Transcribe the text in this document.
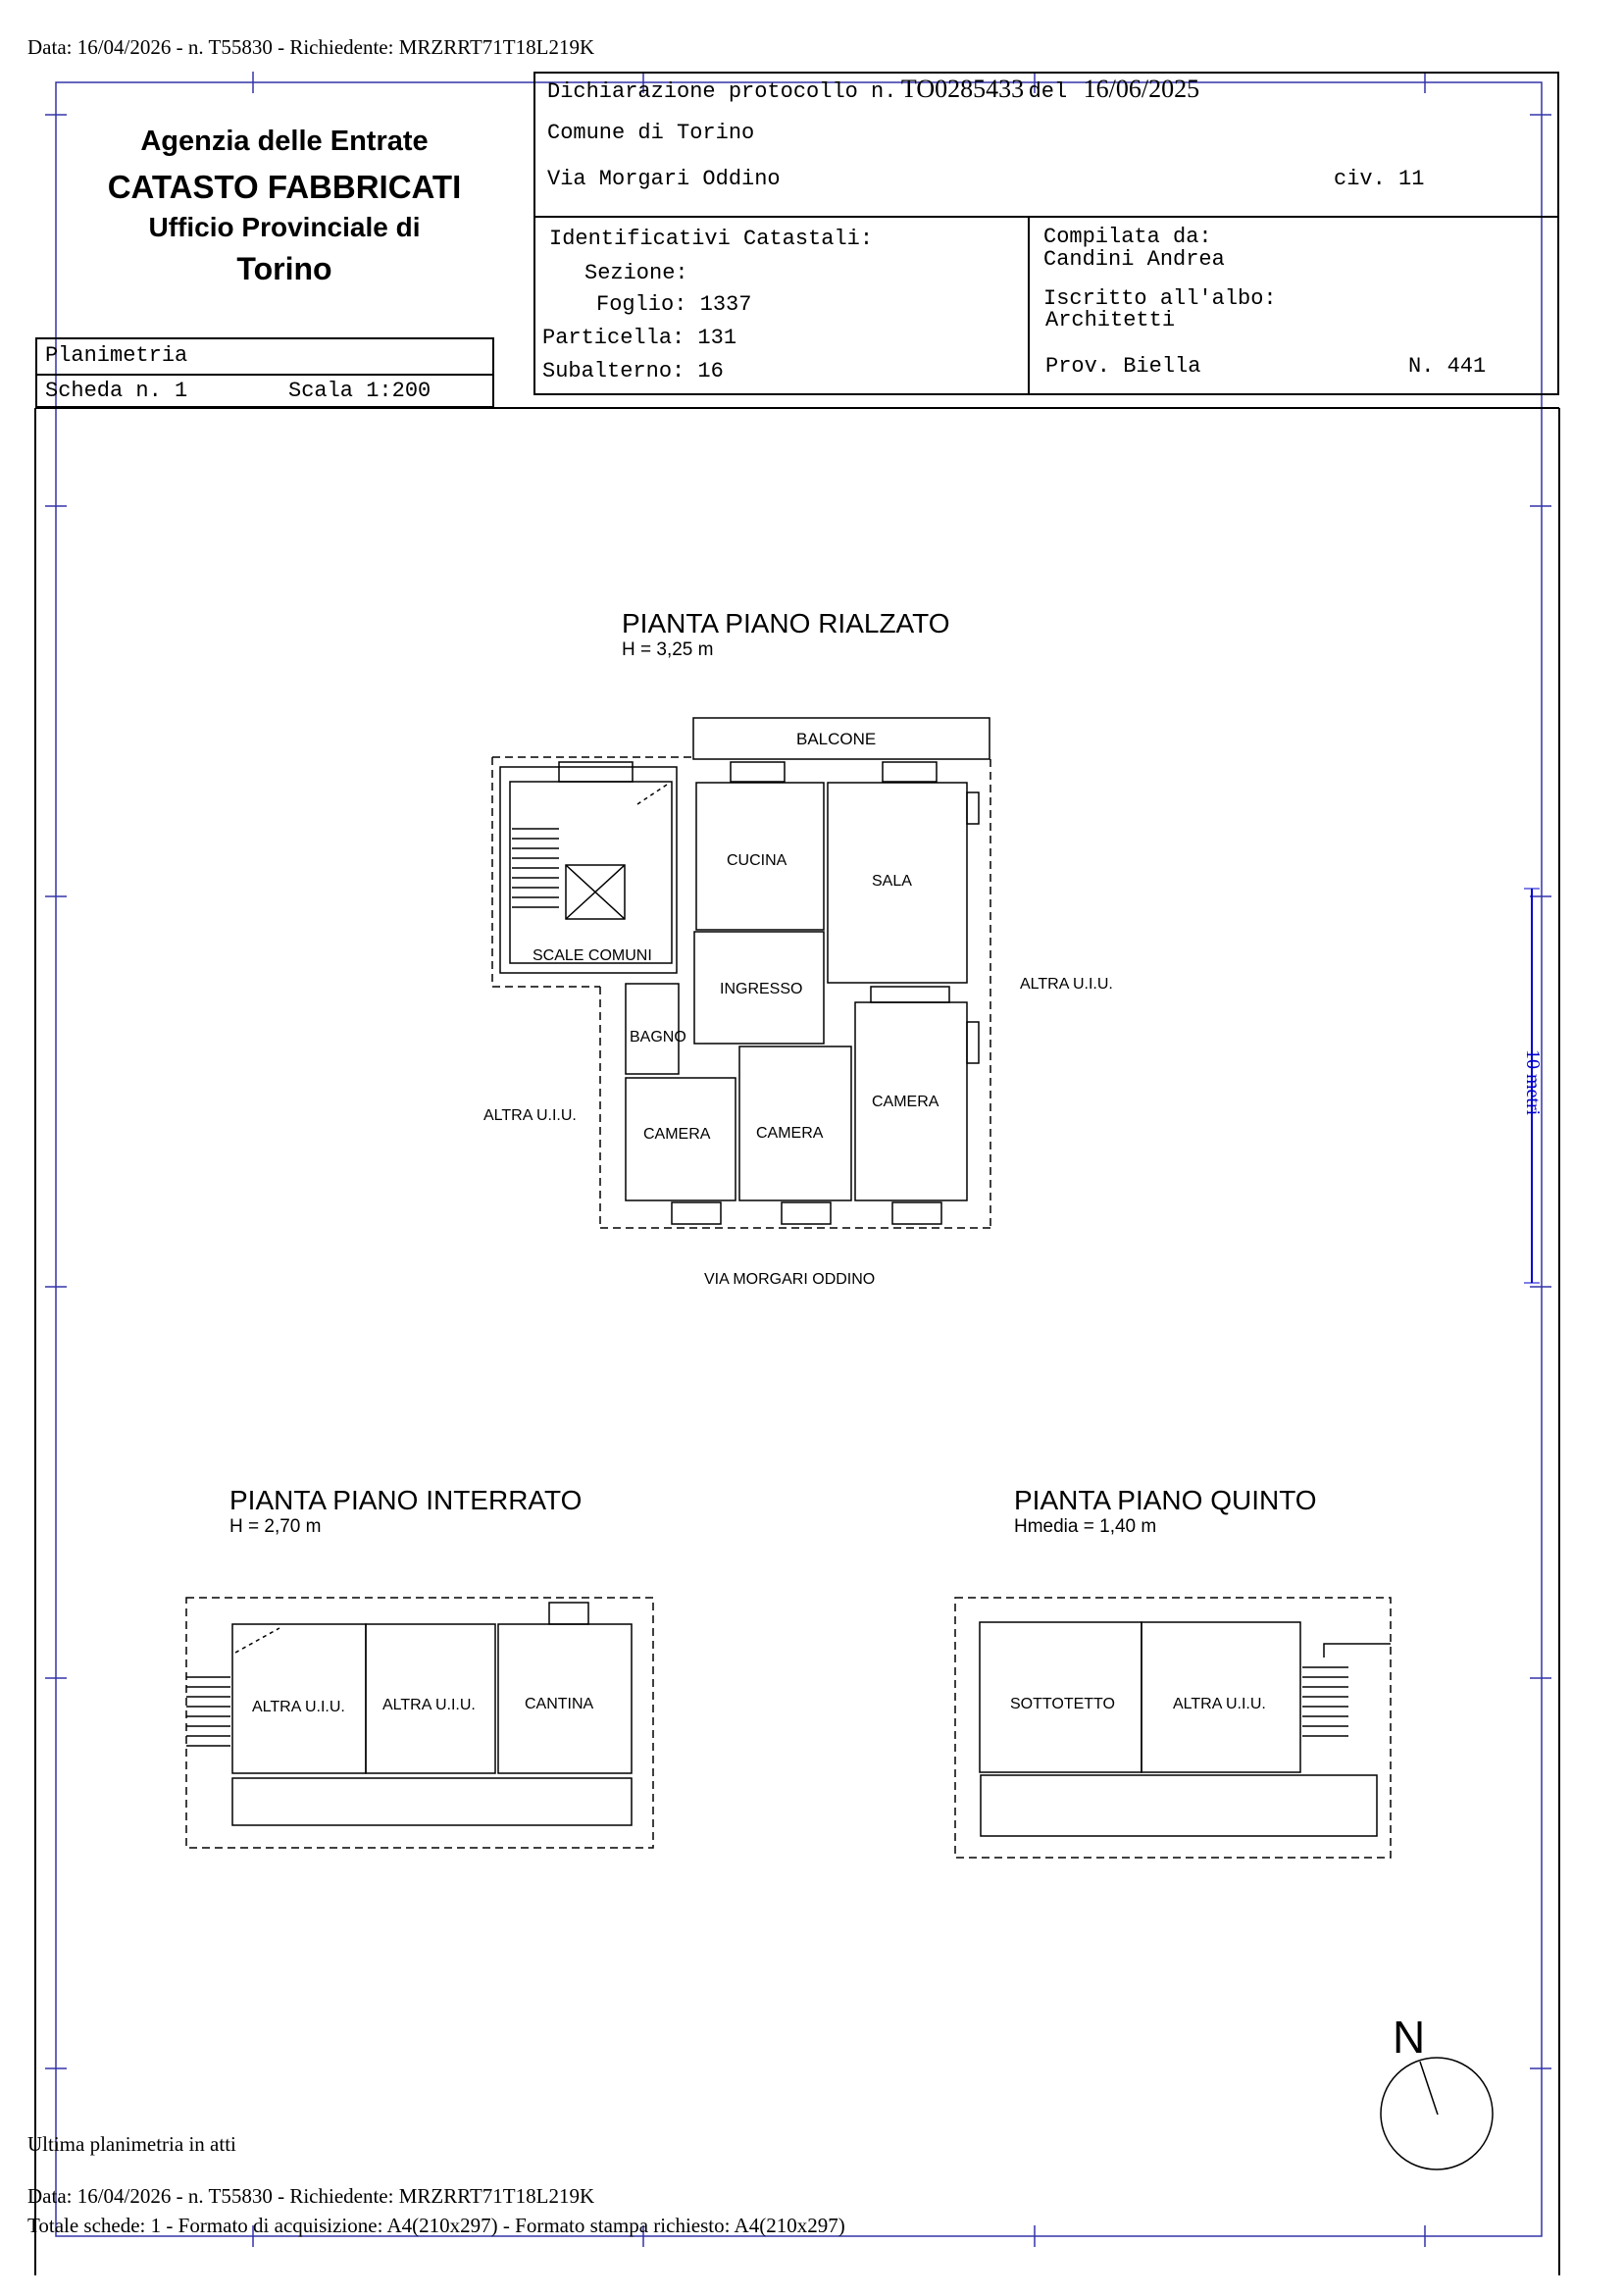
Data: 16/04/2026 - n. T55830 - Richiedente: MRZRRT71T18L219K
Agenzia delle Entrate
CATASTO FABBRICATI
Ufficio Provinciale di
Torino
Planimetria
Scheda n. 1	Scala 1:200
Dichiarazione protocollo n. TO0285433 del 16/06/2025
Comune di Torino
Via Morgari Oddino	civ. 11
Identificativi Catastali:
Sezione:
Foglio: 1337
Particella: 131
Subalterno: 16
Compilata da:
Candini Andrea
Iscritto all'albo:
Architetti
Prov. Biella	N. 441
PIANTA PIANO RIALZATO
H = 3,25 m
BALCONE
CUCINA
SALA
SCALE COMUNI
INGRESSO
BAGNO
CAMERA	CAMERA
CAMERA
ALTRA U.I.U.
ALTRA U.I.U.
VIA MORGARI ODDINO
10 metri
PIANTA PIANO INTERRATO
H = 2,70 m
ALTRA U.I.U. ALTRA U.I.U.	CANTINA
PIANTA PIANO QUINTO
Hmedia = 1,40 m
SOTTOTETTO	ALTRA U.I.U.
N
Ultima planimetria in atti
Data: 16/04/2026 - n. T55830 - Richiedente: MRZRRT71T18L219K
Totale schede: 1 - Formato di acquisizione: A4(210x297) - Formato stampa richiesto: A4(210x297)
